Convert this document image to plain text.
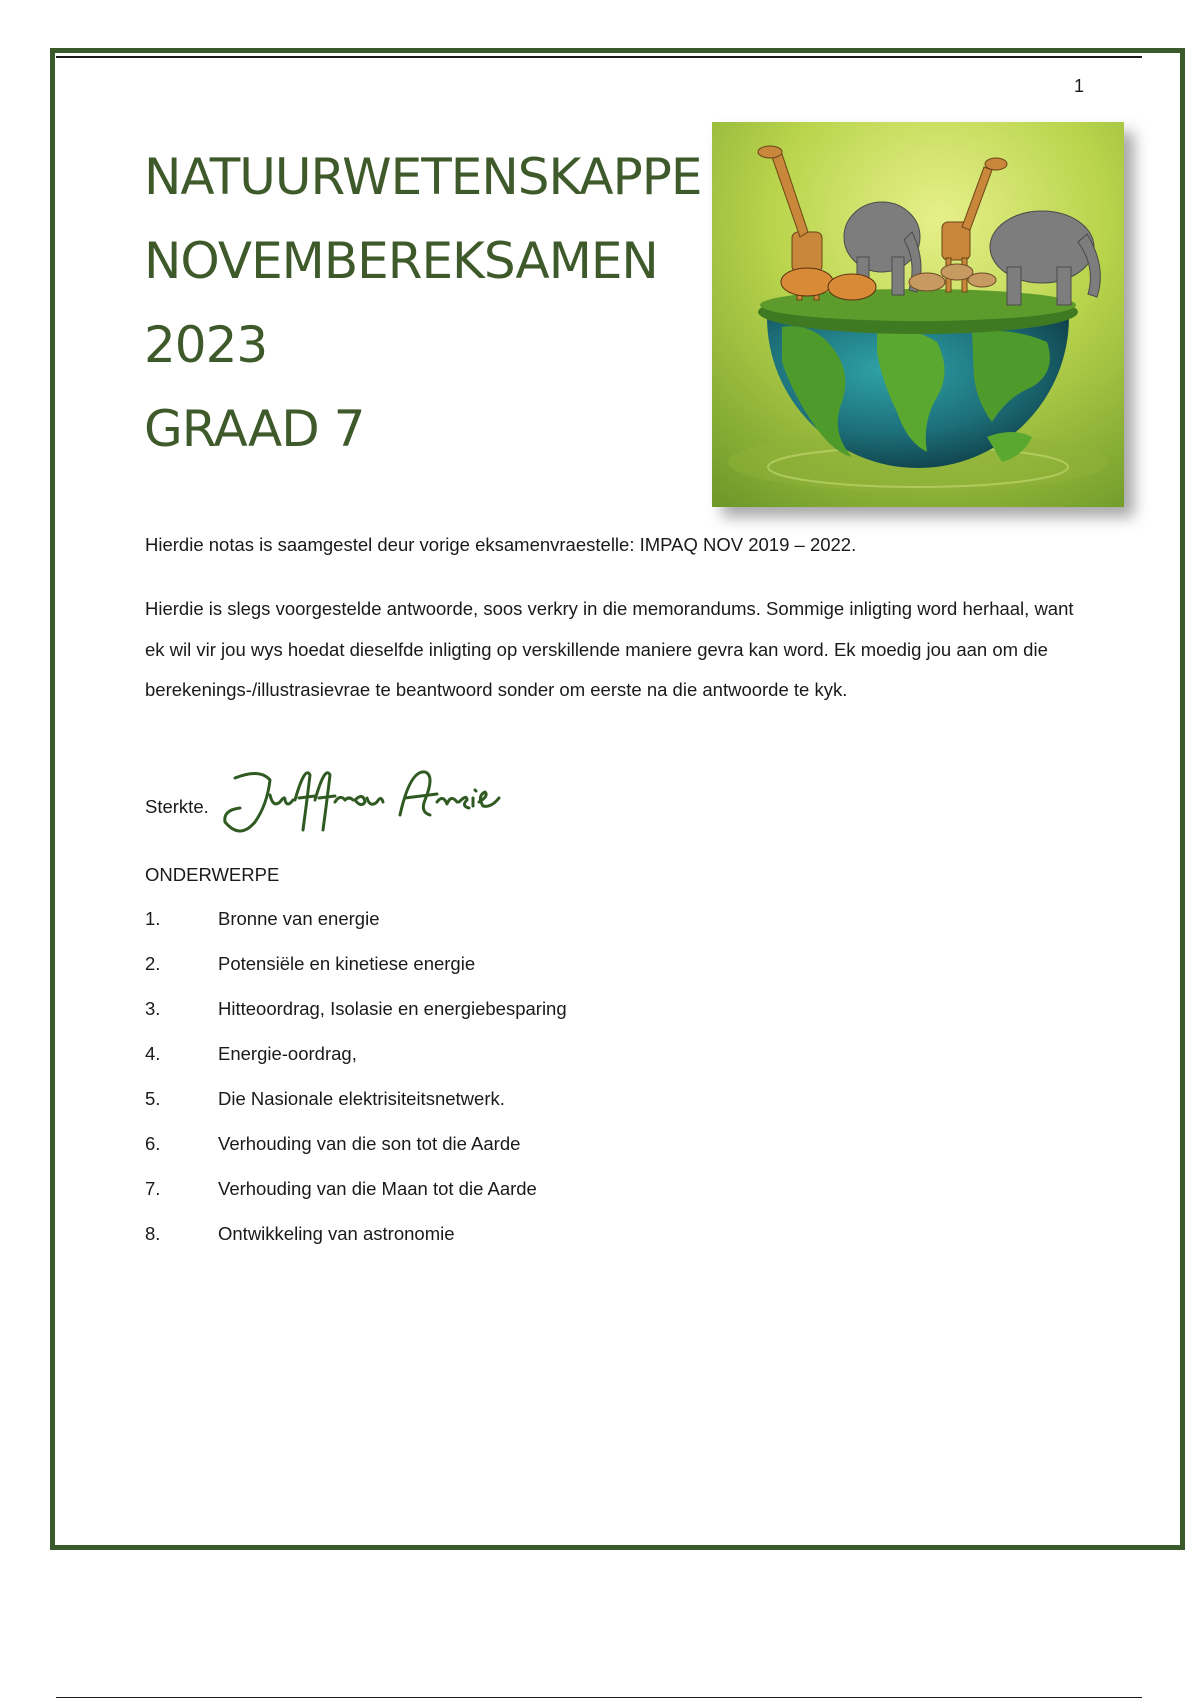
1
NATUURWETENSKAPPE
NOVEMBEREKSAMEN
2023
GRAAD 7
Hierdie notas is saamgestel deur vorige eksamenvraestelle: IMPAQ NOV 2019 – 2022.
Hierdie is slegs voorgestelde antwoorde, soos verkry in die memorandums. Sommige inligting word herhaal, want ek wil vir jou wys hoedat dieselfde inligting op verskillende maniere gevra kan word. Ek moedig jou aan om die berekenings-/illustrasievrae te beantwoord sonder om eerste na die antwoorde te kyk.
Sterkte.
ONDERWERPE
1.	Bronne van energie
2.	Potensiële en kinetiese energie
3.	Hitteoordrag, Isolasie en energiebesparing
4.	Energie-oordrag,
5.	Die Nasionale elektrisiteitsnetwerk.
6.	Verhouding van die son tot die Aarde
7.	Verhouding van die Maan tot die Aarde
8.	Ontwikkeling van astronomie
